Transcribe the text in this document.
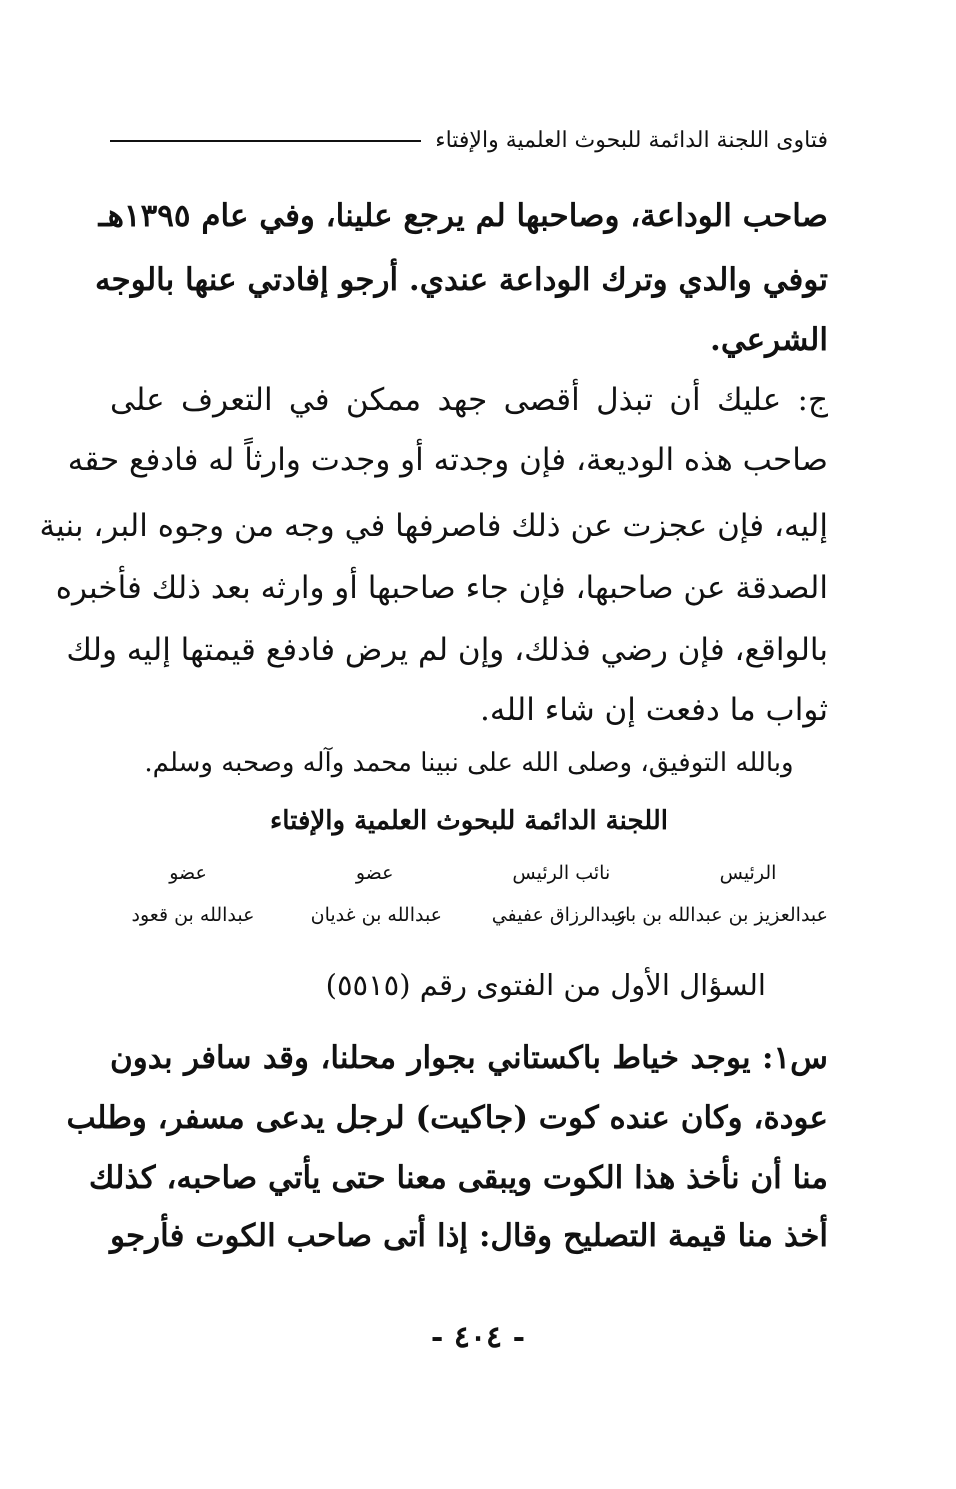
فتاوى اللجنة الدائمة للبحوث العلمية والإفتاء
صاحب الوداعة، وصاحبها لم يرجع علينا، وفي عام ١٣٩٥هـ
توفي والدي وترك الوداعة عندي. أرجو إفادتي عنها بالوجه
الشرعي.
ج: عليك أن تبذل أقصى جهد ممكن في التعرف على
صاحب هذه الوديعة، فإن وجدته أو وجدت وارثاً له فادفع حقه
إليه، فإن عجزت عن ذلك فاصرفها في وجه من وجوه البر، بنية
الصدقة عن صاحبها، فإن جاء صاحبها أو وارثه بعد ذلك فأخبره
بالواقع، فإن رضي فذلك، وإن لم يرض فادفع قيمتها إليه ولك
ثواب ما دفعت إن شاء الله.
وبالله التوفيق، وصلى الله على نبينا محمد وآله وصحبه وسلم.
اللجنة الدائمة للبحوث العلمية والإفتاء
الرئيس
نائب الرئيس
عضو
عضو
عبدالعزيز بن عبدالله بن باز
عبدالرزاق عفيفي
عبدالله بن غديان
عبدالله بن قعود
السؤال الأول من الفتوى رقم (٥٥١٥)
س١: يوجد خياط باكستاني بجوار محلنا، وقد سافر بدون
عودة، وكان عنده كوت (جاكيت) لرجل يدعى مسفر، وطلب
منا أن نأخذ هذا الكوت ويبقى معنا حتى يأتي صاحبه، كذلك
أخذ منا قيمة التصليح وقال: إذا أتى صاحب الكوت فأرجو
- ٤٠٤ -
